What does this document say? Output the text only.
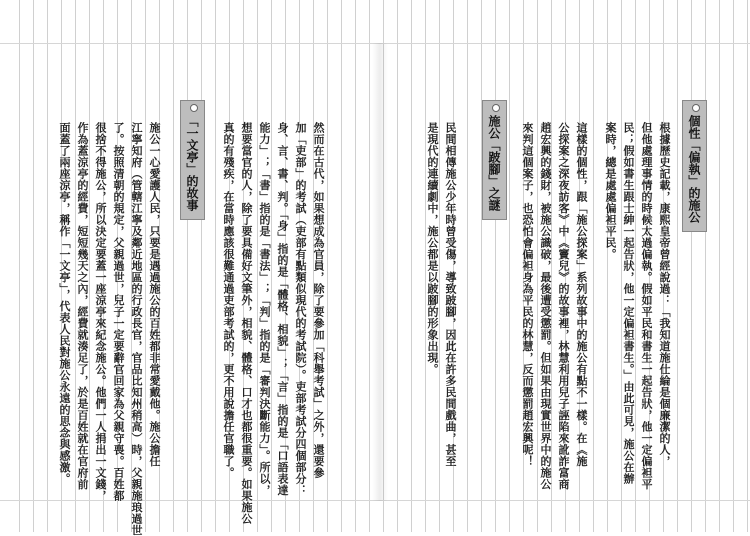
個性「偏執」的施公
根據歷史記載，康熙皇帝曾經說過：「我知道施仕綸是個廉潔的人，
但他處理事情的時候太過偏執。假如平民和書生一起告狀，他一定偏袒平
民；假如書生跟士紳一起告狀，他一定偏袒書生。」由此可見，施公在辦
案時，總是處處偏袒平民。
這樣的個性，跟「施公探案」系列故事中的施公有點不一樣。在《施
公探案之深夜訪客》中《竇兒》的故事裡，林慧利用兒子誣陷來訛詐富商
趙宏興的錢財，被施公識破，最後遭受懲罰。但如果由現實世界中的施公
來判這個案子，也恐怕會偏袒身為平民的林慧，反而懲罰趙宏興呢！
施公「跛腳」之謎
民間相傳施公少年時曾受傷，導致跛腳，因此在許多民間戲曲，甚至
是現代的連續劇中，施公都是以跛腳的形象出現。
然而在古代，如果想成為官員，除了要參加「科舉考試」之外，還要參
加「吏部」的考試（吏部有點類似現代的考試院）。吏部考試分四個部分：
身、言、書、判。「身」指的是「體格、相貌」；「言」指的是「口語表達
能力」；「書」指的是「書法」；「判」指的是「審判決斷能力」。所以，
想要當官的人，除了要具備好文筆外，相貌、體格、口才也都很重要。如果施公
真的有殘疾，在當時應該很難通過吏部考試的，更不用說擔任官職了。
「一文亭」的故事
施公一心愛護人民，只要是遇過施公的百姓都非常愛戴他。施公擔任
江寧知府（管轄江寧及鄰近地區的行政長官，官品比知州稍高）時，父親施琅過世
了。按照清朝的規定，父親過世，兒子一定要辭官回家為父親守喪。百姓都
很捨不得施公，所以決定要蓋一座涼亭來紀念施公。他們一人捐出一文錢，
作為蓋涼亭的經費，短短幾天之內，經費就湊足了，於是百姓就在官府前
面蓋了兩座涼亭，稱作「一文亭」，代表人民對施公永遠的思念與感激。
